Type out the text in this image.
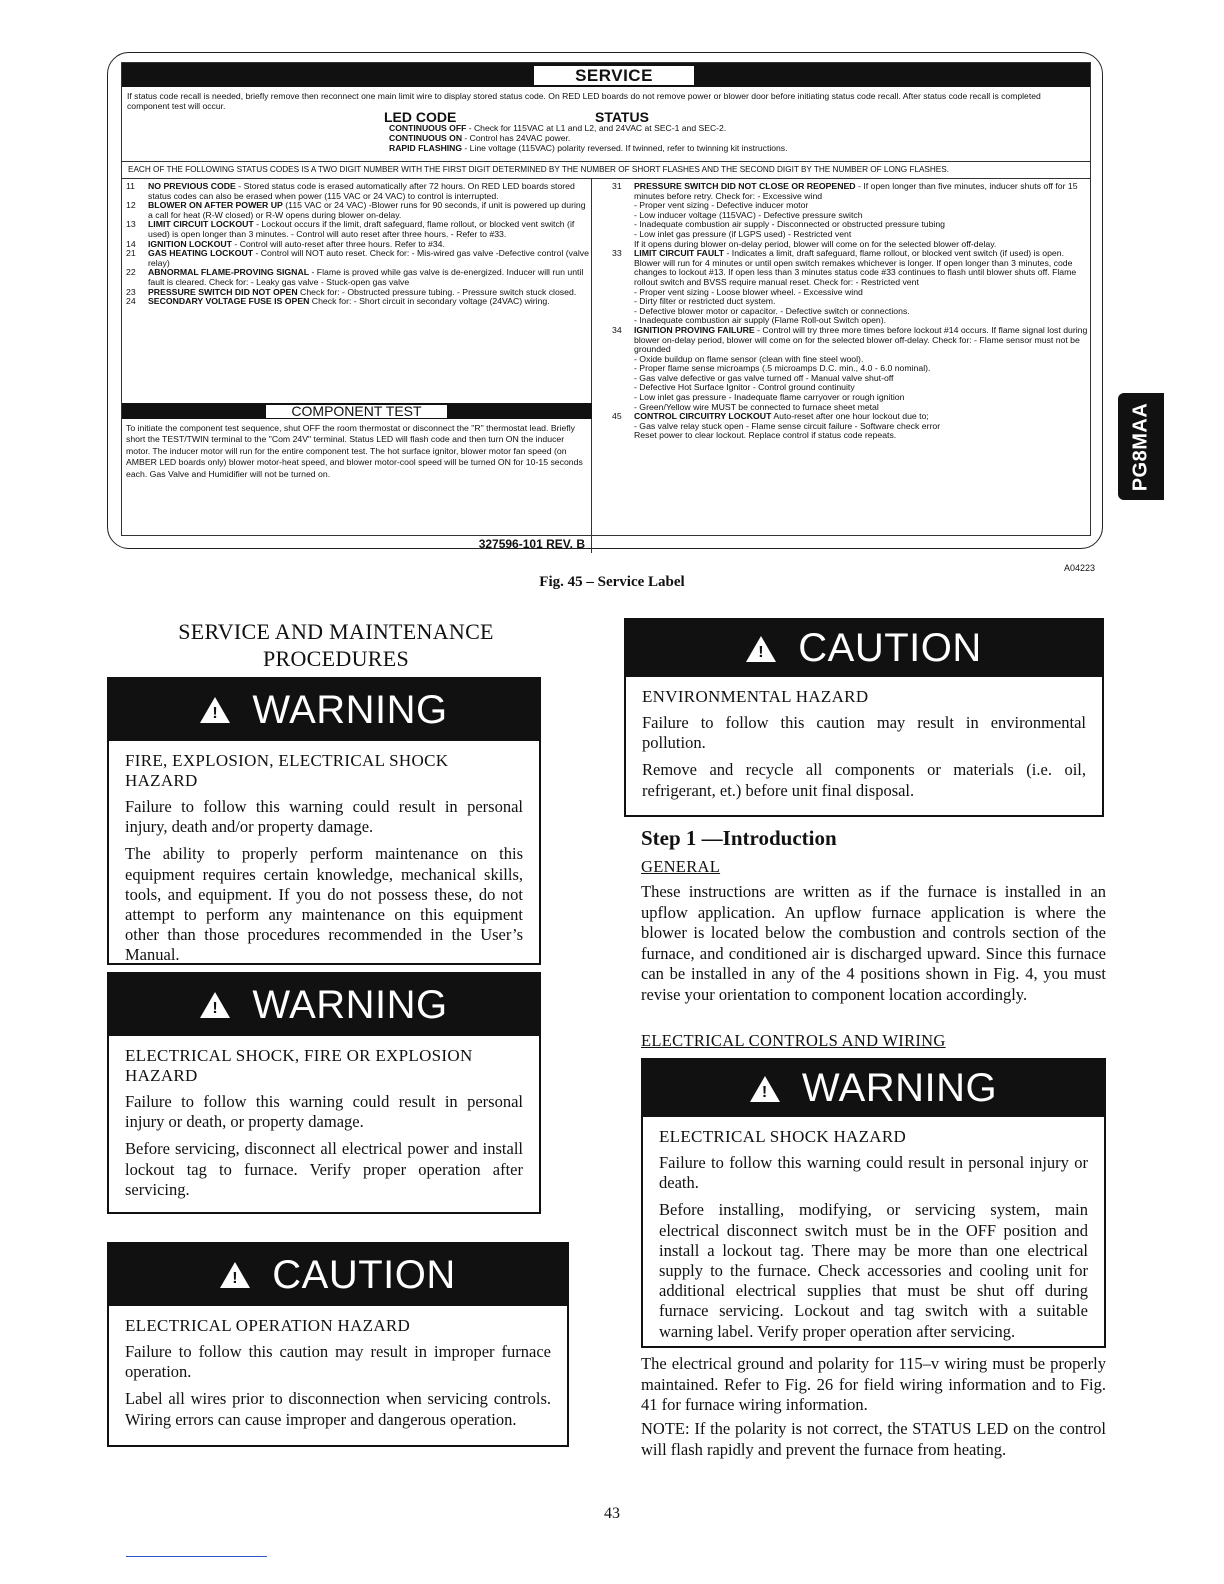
SERVICE
If status code recall is needed, briefly remove then reconnect one main limit wire to display stored status code. On RED LED boards do not remove power or blower door before initiating status code recall. After status code recall is completed component test will occur.
LED CODE	STATUS
CONTINUOUS OFF - Check for 115VAC at L1 and L2, and 24VAC at SEC-1 and SEC-2.
CONTINUOUS ON - Control has 24VAC power.
RAPID FLASHING - Line voltage (115VAC) polarity reversed. If twinned, refer to twinning kit instructions.
EACH OF THE FOLLOWING STATUS CODES IS A TWO DIGIT NUMBER WITH THE FIRST DIGIT DETERMINED BY THE NUMBER OF SHORT FLASHES AND THE SECOND DIGIT BY THE NUMBER OF LONG FLASHES.
11	NO PREVIOUS CODE - Stored status code is erased automatically after 72 hours. On RED LED boards stored status codes can also be erased when power (115 VAC or 24 VAC) to control is interrupted.
12	BLOWER ON AFTER POWER UP (115 VAC or 24 VAC) -Blower runs for 90 seconds, if unit is powered up during a call for heat (R-W closed) or R-W opens during blower on-delay.
13	LIMIT CIRCUIT LOCKOUT - Lockout occurs if the limit, draft safeguard, flame rollout, or blocked vent switch (if used) is open longer than 3 minutes. - Control will auto reset after three hours. - Refer to #33.
14	IGNITION LOCKOUT - Control will auto-reset after three hours. Refer to #34.
21	GAS HEATING LOCKOUT - Control will NOT auto reset. Check for: - Mis-wired gas valve -Defective control (valve relay)
22	ABNORMAL FLAME-PROVING SIGNAL - Flame is proved while gas valve is de-energized. Inducer will run until fault is cleared. Check for: - Leaky gas valve - Stuck-open gas valve
23	PRESSURE SWITCH DID NOT OPEN Check for: - Obstructed pressure tubing. - Pressure switch stuck closed.
24	SECONDARY VOLTAGE FUSE IS OPEN Check for: - Short circuit in secondary voltage (24VAC) wiring.
COMPONENT TEST
To initiate the component test sequence, shut OFF the room thermostat or disconnect the "R" thermostat lead. Briefly short the TEST/TWIN terminal to the "Com 24V" terminal. Status LED will flash code and then turn ON the inducer motor. The inducer motor will run for the entire component test. The hot surface ignitor, blower motor fan speed (on AMBER LED boards only) blower motor-heat speed, and blower motor-cool speed will be turned ON for 10-15 seconds each. Gas Valve and Humidifier will not be turned on.
327596-101 REV. B
31	PRESSURE SWITCH DID NOT CLOSE OR REOPENED - If open longer than five minutes, inducer shuts off for 15 minutes before retry. Check for: - Excessive wind
- Proper vent sizing - Defective inducer motor
- Low inducer voltage (115VAC) - Defective pressure switch
- Inadequate combustion air supply - Disconnected or obstructed pressure tubing
- Low inlet gas pressure (if LGPS used) - Restricted vent
If it opens during blower on-delay period, blower will come on for the selected blower off-delay.
33	LIMIT CIRCUIT FAULT - Indicates a limit, draft safeguard, flame rollout, or blocked vent switch (if used) is open. Blower will run for 4 minutes or until open switch remakes whichever is longer. If open longer than 3 minutes, code changes to lockout #13. If open less than 3 minutes status code #33 continues to flash until blower shuts off. Flame rollout switch and BVSS require manual reset. Check for: - Restricted vent
- Proper vent sizing - Loose blower wheel. - Excessive wind
- Dirty filter or restricted duct system.
- Defective blower motor or capacitor. - Defective switch or connections.
- Inadequate combustion air supply (Flame Roll-out Switch open).
34	IGNITION PROVING FAILURE - Control will try three more times before lockout #14 occurs. If flame signal lost during blower on-delay period, blower will come on for the selected blower off-delay. Check for: - Flame sensor must not be grounded
- Oxide buildup on flame sensor (clean with fine steel wool).
- Proper flame sense microamps (.5 microamps D.C. min., 4.0 - 6.0 nominal).
- Gas valve defective or gas valve turned off - Manual valve shut-off
- Defective Hot Surface Ignitor - Control ground continuity
- Low inlet gas pressure - Inadequate flame carryover or rough ignition
- Green/Yellow wire MUST be connected to furnace sheet metal
45	CONTROL CIRCUITRY LOCKOUT Auto-reset after one hour lockout due to;
- Gas valve relay stuck open - Flame sense circuit failure - Software check error
Reset power to clear lockout. Replace control if status code repeats.
A04223
Fig. 45 – Service Label
PG8MAA
SERVICE AND MAINTENANCE
PROCEDURES
!
WARNING
FIRE, EXPLOSION, ELECTRICAL SHOCK HAZARD

Failure to follow this warning could result in personal injury, death and/or property damage.

The ability to properly perform maintenance on this equipment requires certain knowledge, mechanical skills, tools, and equipment. If you do not possess these, do not attempt to perform any maintenance on this equipment other than those procedures recommended in the User’s Manual.

!
WARNING
ELECTRICAL SHOCK, FIRE OR EXPLOSION HAZARD

Failure to follow this warning could result in personal injury or death, or property damage.

Before servicing, disconnect all electrical power and install lockout tag to furnace. Verify proper operation after servicing.

!
CAUTION
ELECTRICAL OPERATION HAZARD

Failure to follow this caution may result in improper furnace operation.

Label all wires prior to disconnection when servicing controls. Wiring errors can cause improper and dangerous operation.

!
CAUTION
ENVIRONMENTAL HAZARD

Failure to follow this caution may result in environmental pollution.

Remove and recycle all components or materials (i.e. oil, refrigerant, et.) before unit final disposal.

Step 1 —Introduction
GENERAL
These instructions are written as if the furnace is installed in an upflow application. An upflow furnace application is where the blower is located below the combustion and controls section of the furnace, and conditioned air is discharged upward. Since this furnace can be installed in any of the 4 positions shown in Fig. 4, you must revise your orientation to component location accordingly.
ELECTRICAL CONTROLS AND WIRING
!
WARNING
ELECTRICAL SHOCK HAZARD

Failure to follow this warning could result in personal injury or death.

Before installing, modifying, or servicing system, main electrical disconnect switch must be in the OFF position and install a lockout tag. There may be more than one electrical supply to the furnace. Check accessories and cooling unit for additional electrical supplies that must be shut off during furnace servicing. Lockout and tag switch with a suitable warning label. Verify proper operation after servicing.

The electrical ground and polarity for 115–v wiring must be properly maintained. Refer to Fig. 26 for field wiring information and to Fig. 41 for furnace wiring information.
NOTE: If the polarity is not correct, the STATUS LED on the control will flash rapidly and prevent the furnace from heating.
43
